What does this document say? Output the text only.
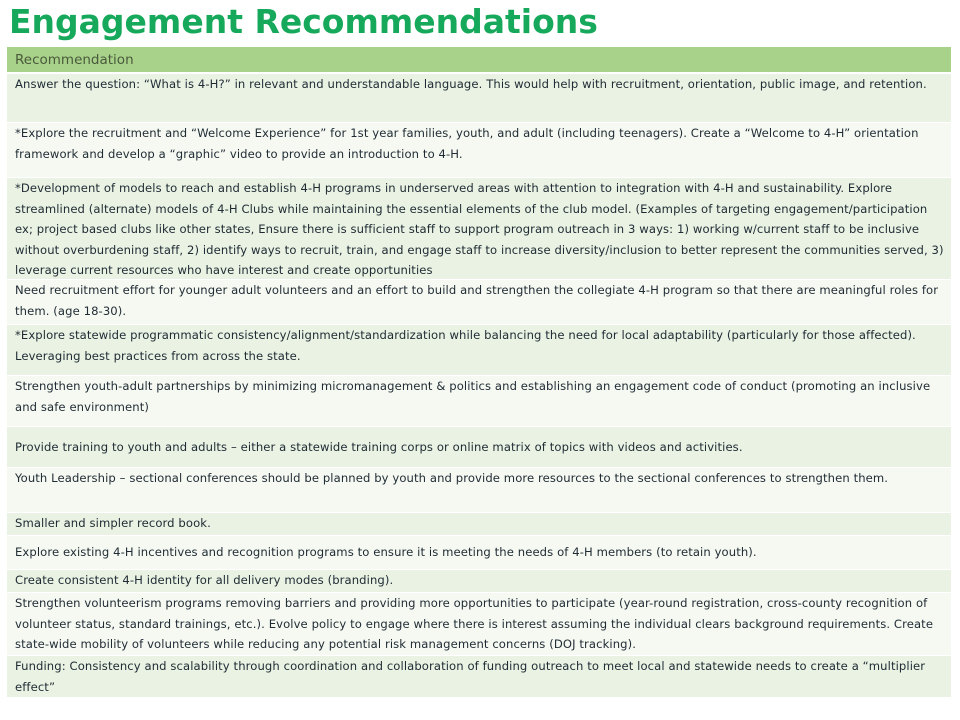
Engagement Recommendations
Recommendation

Answer the question: “What is 4-H?” in relevant and understandable language. This would help with recruitment, orientation, public image, and retention.

*Explore the recruitment and “Welcome Experience” for 1st year families, youth, and adult (including teenagers). Create a “Welcome to 4-H” orientation framework and develop a “graphic” video to provide an introduction to 4-H.

*Development of models to reach and establish 4-H programs in underserved areas with attention to integration with 4-H and sustainability. Explore streamlined (alternate) models of 4-H Clubs while maintaining the essential elements of the club model. (Examples of targeting engagement/participation ex; project based clubs like other states, Ensure there is sufficient staff to support program outreach in 3 ways: 1) working w/current staff to be inclusive without overburdening staff, 2) identify ways to recruit, train, and engage staff to increase diversity/inclusion to better represent the communities served, 3) leverage current resources who have interest and create opportunities

Need recruitment effort for younger adult volunteers and an effort to build and strengthen the collegiate 4-H program so that there are meaningful roles for them. (age 18-30).

*Explore statewide programmatic consistency/alignment/standardization while balancing the need for local adaptability (particularly for those affected). Leveraging best practices from across the state.

Strengthen youth-adult partnerships by minimizing micromanagement & politics and establishing an engagement code of conduct (promoting an inclusive and safe environment)

Provide training to youth and adults – either a statewide training corps or online matrix of topics with videos and activities.

Youth Leadership – sectional conferences should be planned by youth and provide more resources to the sectional conferences to strengthen them.

Smaller and simpler record book.

Explore existing 4-H incentives and recognition programs to ensure it is meeting the needs of 4-H members (to retain youth).

Create consistent 4-H identity for all delivery modes (branding).

Strengthen volunteerism programs removing barriers and providing more opportunities to participate (year-round registration, cross-county recognition of volunteer status, standard trainings, etc.). Evolve policy to engage where there is interest assuming the individual clears background requirements. Create state-wide mobility of volunteers while reducing any potential risk management concerns (DOJ tracking).

Funding: Consistency and scalability through coordination and collaboration of funding outreach to meet local and statewide needs to create a “multiplier effect”
